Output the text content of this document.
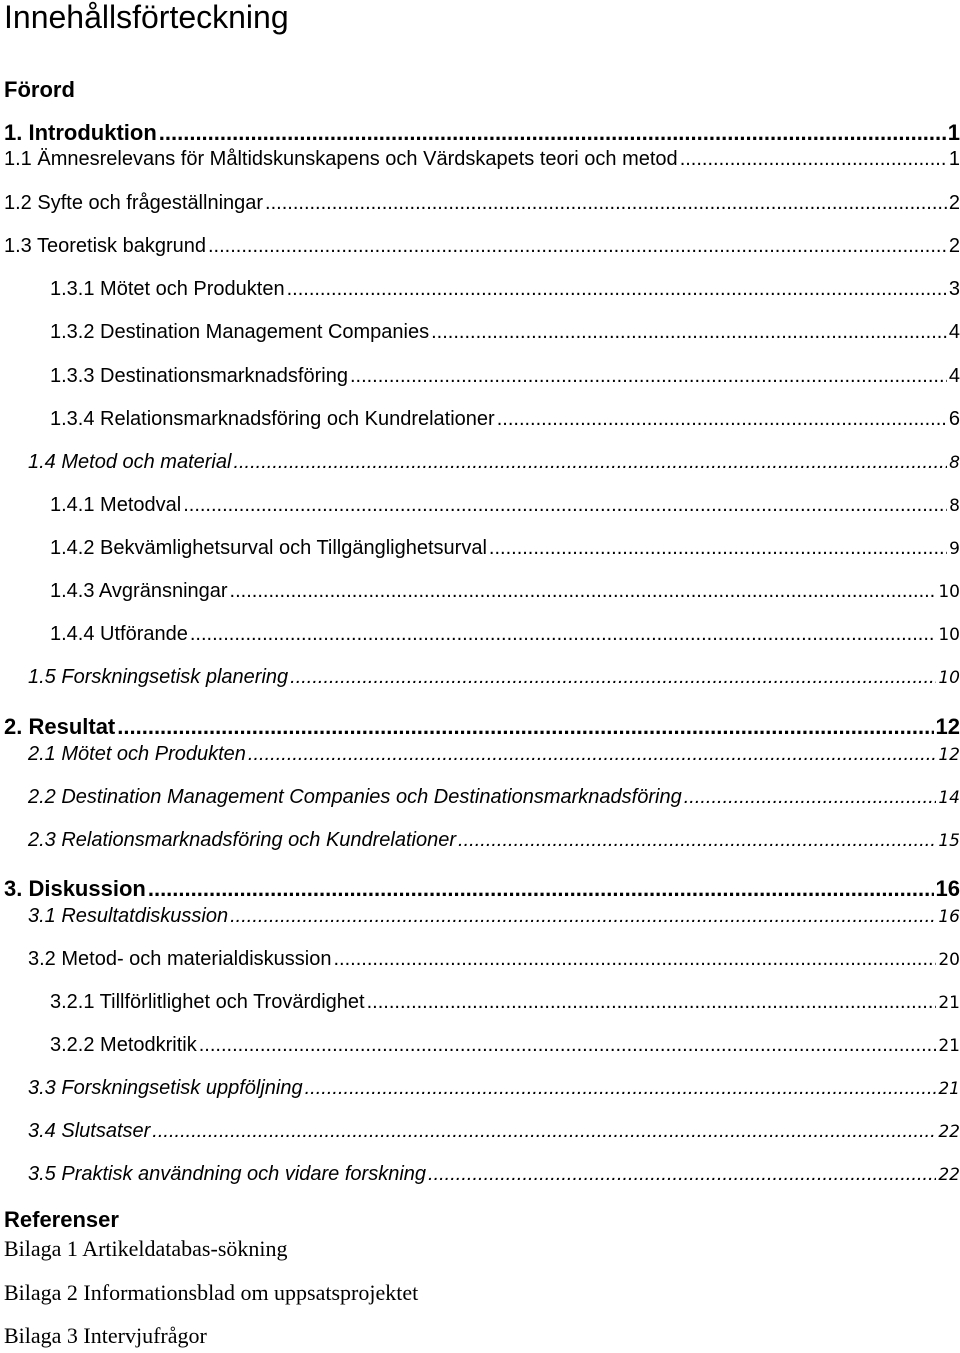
Innehållsförteckning
Förord
1. Introduktion .....	1
1.1 Ämnesrelevans för Måltidskunskapens och Värdskapets teori och metod .....	1
1.2 Syfte och frågeställningar .....	2
1.3 Teoretisk bakgrund .....	2
1.3.1 Mötet och Produkten .....	3
1.3.2 Destination Management Companies .....	4
1.3.3 Destinationsmarknadsföring .....	4
1.3.4 Relationsmarknadsföring och Kundrelationer .....	6
1.4 Metod och material .....	8
1.4.1 Metodval .....	8
1.4.2 Bekvämlighetsurval och Tillgänglighetsurval .....	9
1.4.3 Avgränsningar .....	10
1.4.4 Utförande .....	10
1.5 Forskningsetisk planering .....	10
2. Resultat .....	12
2.1 Mötet och Produkten .....	12
2.2 Destination Management Companies och Destinationsmarknadsföring .....	14
2.3 Relationsmarknadsföring och Kundrelationer .....	15
3. Diskussion .....	16
3.1 Resultatdiskussion .....	16
3.2 Metod- och materialdiskussion .....	20
3.2.1 Tillförlitlighet och Trovärdighet .....	21
3.2.2 Metodkritik .....	21
3.3 Forskningsetisk uppföljning .....	21
3.4 Slutsatser .....	22
3.5 Praktisk användning och vidare forskning .....	22
Referenser
Bilaga 1 Artikeldatabas-sökning
Bilaga 2 Informationsblad om uppsatsprojektet
Bilaga 3 Intervjufrågor
